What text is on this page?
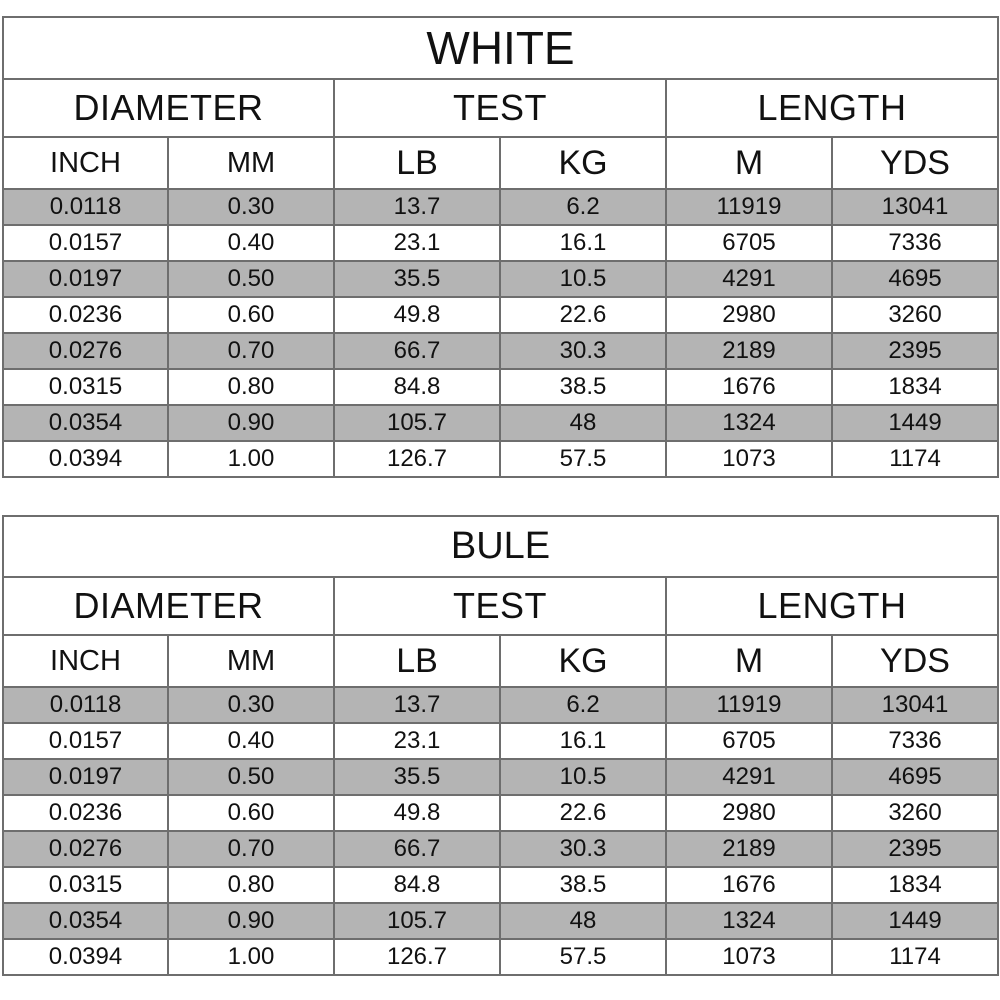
WHITE					
DIAMETER		TEST		LENGTH	
INCH	MM	LB	KG	M	YDS
0.0118	0.30	13.7	6.2	11919	13041
0.0157	0.40	23.1	16.1	6705	7336
0.0197	0.50	35.5	10.5	4291	4695
0.0236	0.60	49.8	22.6	2980	3260
0.0276	0.70	66.7	30.3	2189	2395
0.0315	0.80	84.8	38.5	1676	1834
0.0354	0.90	105.7	48	1324	1449
0.0394	1.00	126.7	57.5	1073	1174
BULE					
DIAMETER		TEST		LENGTH	
INCH	MM	LB	KG	M	YDS
0.0118	0.30	13.7	6.2	11919	13041
0.0157	0.40	23.1	16.1	6705	7336
0.0197	0.50	35.5	10.5	4291	4695
0.0236	0.60	49.8	22.6	2980	3260
0.0276	0.70	66.7	30.3	2189	2395
0.0315	0.80	84.8	38.5	1676	1834
0.0354	0.90	105.7	48	1324	1449
0.0394	1.00	126.7	57.5	1073	1174
